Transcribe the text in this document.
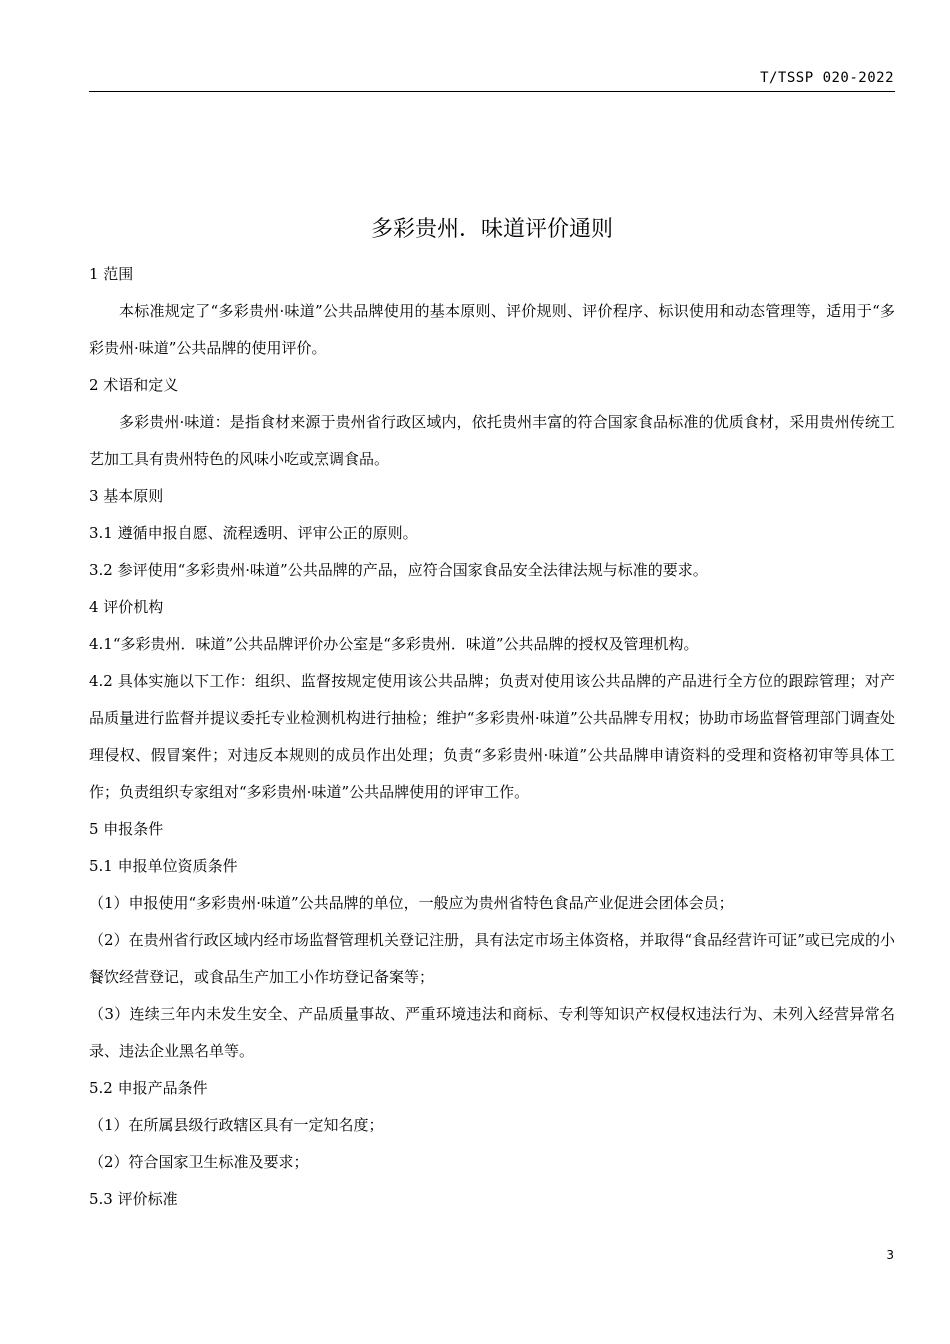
T/TSSP 020-2022
多彩贵州．味道评价通则

1 范围

本标准规定了“多彩贵州·味道”公共品牌使用的基本原则、评价规则、评价程序、标识使用和动态管理等，适用于“多彩贵州·味道”公共品牌的使用评价。

2 术语和定义

多彩贵州·味道：是指食材来源于贵州省行政区域内，依托贵州丰富的符合国家食品标准的优质食材，采用贵州传统工艺加工具有贵州特色的风味小吃或烹调食品。

3 基本原则

3.1 遵循申报自愿、流程透明、评审公正的原则。

3.2 参评使用“多彩贵州·味道”公共品牌的产品，应符合国家食品安全法律法规与标准的要求。

4 评价机构

4.1“多彩贵州．味道”公共品牌评价办公室是“多彩贵州．味道”公共品牌的授权及管理机构。

4.2 具体实施以下工作：组织、监督按规定使用该公共品牌；负责对使用该公共品牌的产品进行全方位的跟踪管理；对产品质量进行监督并提议委托专业检测机构进行抽检；维护“多彩贵州·味道”公共品牌专用权；协助市场监督管理部门调查处理侵权、假冒案件；对违反本规则的成员作出处理；负责“多彩贵州·味道”公共品牌申请资料的受理和资格初审等具体工作；负责组织专家组对“多彩贵州·味道”公共品牌使用的评审工作。

5 申报条件

5.1 申报单位资质条件

（1）申报使用“多彩贵州·味道”公共品牌的单位，一般应为贵州省特色食品产业促进会团体会员；

（2）在贵州省行政区域内经市场监督管理机关登记注册，具有法定市场主体资格，并取得“食品经营许可证”或已完成的小餐饮经营登记，或食品生产加工小作坊登记备案等；

（3）连续三年内未发生安全、产品质量事故、严重环境违法和商标、专利等知识产权侵权违法行为、未列入经营异常名录、违法企业黑名单等。

5.2 申报产品条件

（1）在所属县级行政辖区具有一定知名度；

（2）符合国家卫生标准及要求；

5.3 评价标准

3
